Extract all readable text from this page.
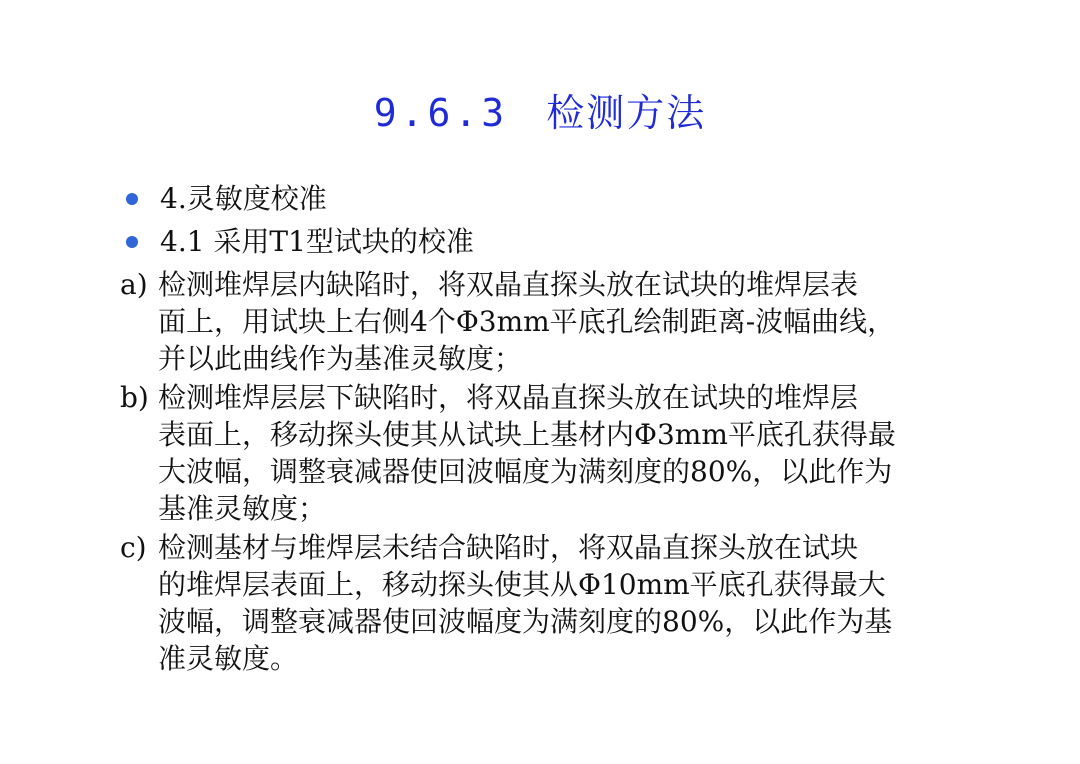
9.6.3 检测方法
4.灵敏度校准
4.1 采用T1型试块的校准
a) 检测堆焊层内缺陷时，将双晶直探头放在试块的堆焊层表
面上，用试块上右侧4个Φ3mm平底孔绘制距离-波幅曲线，
并以此曲线作为基准灵敏度；
b) 检测堆焊层层下缺陷时，将双晶直探头放在试块的堆焊层
表面上，移动探头使其从试块上基材内Φ3mm平底孔获得最
大波幅，调整衰减器使回波幅度为满刻度的80%，以此作为
基准灵敏度；
c) 检测基材与堆焊层未结合缺陷时，将双晶直探头放在试块
的堆焊层表面上，移动探头使其从Φ10mm平底孔获得最大
波幅，调整衰减器使回波幅度为满刻度的80%，以此作为基
准灵敏度。
